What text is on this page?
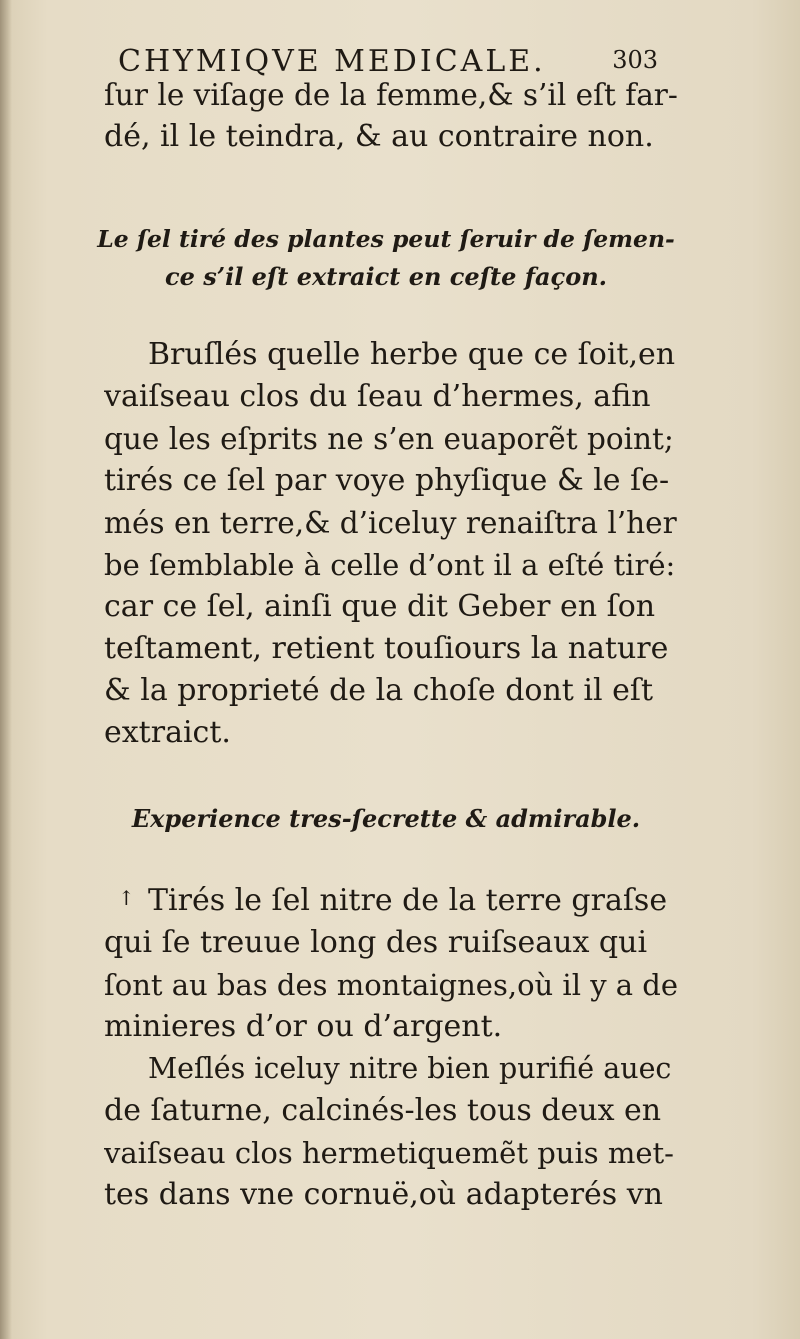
CHYMIQVE MEDICALE.	303
ſur le viſage de la femme,& s’il eſt far-
dé, il le teindra, & au contraire non.
Le ſel tiré des plantes peut ſeruir de ſemen-
ce s’il eſt extraict en ceſte façon.
Bruſlés quelle herbe que ce ſoit,en
vaiſseau clos du ſeau d’hermes, afin
que les eſprits ne s’en euaporẽt point;
tirés ce ſel par voye phyſique & le ſe-
més en terre,& d’iceluy renaiſtra l’her
be ſemblable à celle d’ont il a eſté tiré:
car ce ſel, ainſi que dit Geber en ſon
teſtament, retient touſiours la nature
& la proprieté de la choſe dont il eſt
extraict.
Experience tres-ſecrette & admirable.
↑ Tirés le ſel nitre de la terre graſse
qui ſe treuue long des ruiſseaux qui
ſont au bas des montaignes,où il y a de
minieres d’or ou d’argent.
Meſlés iceluy nitre bien purifié auec
de ſaturne, calcinés-les tous deux en
vaiſseau clos hermetiquemẽt puis met-
tes dans vne cornuë,où adapterés vn
